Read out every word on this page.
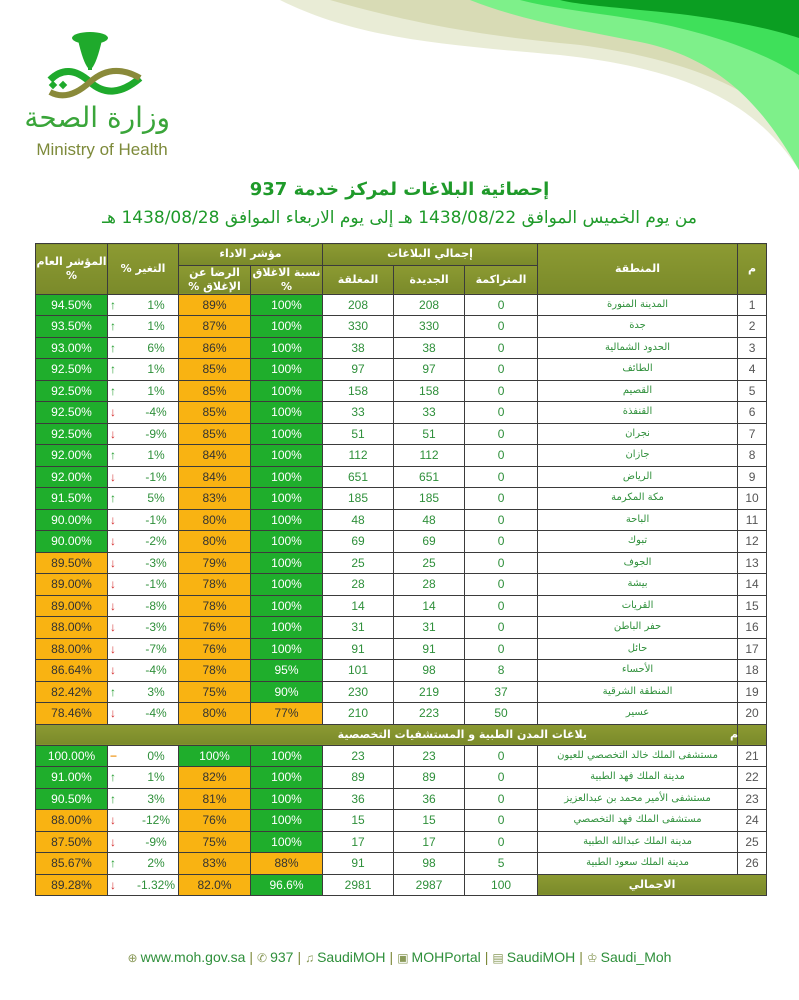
وزارة الصحة
Ministry of Health
إحصائية البلاغات لمركز خدمة 937
من يوم الخميس الموافق 1438/08/22 هـ إلى يوم الاربعاء الموافق 1438/08/28 هـ
م	المنطقة	إجمالي البلاغات			مؤشر الاداء		التغير %	المؤشر العام %
		المتراكمة	الجديدة	المغلقة	نسبة الاغلاق %	الرضا عن الإغلاق %		
1	المدينة المنورة	0	208	208	100%	89%	↑ 1%	94.50%
2	جدة	0	330	330	100%	87%	↑ 1%	93.50%
3	الحدود الشمالية	0	38	38	100%	86%	↑ 6%	93.00%
4	الطائف	0	97	97	100%	85%	↑ 1%	92.50%
5	القصيم	0	158	158	100%	85%	↑ 1%	92.50%
6	القنفذة	0	33	33	100%	85%	↓ -4%	92.50%
7	نجران	0	51	51	100%	85%	↓ -9%	92.50%
8	جازان	0	112	112	100%	84%	↑ 1%	92.00%
9	الرياض	0	651	651	100%	84%	↓ -1%	92.00%
10	مكة المكرمة	0	185	185	100%	83%	↑ 5%	91.50%
11	الباحة	0	48	48	100%	80%	↓ -1%	90.00%
12	تبوك	0	69	69	100%	80%	↓ -2%	90.00%
13	الجوف	0	25	25	100%	79%	↓ -3%	89.50%
14	بيشة	0	28	28	100%	78%	↓ -1%	89.00%
15	القريات	0	14	14	100%	78%	↓ -8%	89.00%
16	حفر الباطن	0	31	31	100%	76%	↓ -3%	88.00%
17	حائل	0	91	91	100%	76%	↓ -7%	88.00%
18	الأحساء	8	98	101	95%	78%	↓ -4%	86.64%
19	المنطقة الشرقية	37	219	230	90%	75%	↑ 3%	82.42%
20	عسير	50	223	210	77%	80%	↓ -4%	78.46%
م	بلاغات المدن الطبية و المستشفيات التخصصية							
21	مستشفى الملك خالد التخصصي للعيون	0	23	23	100%	100%	− 0%	100.00%
22	مدينة الملك فهد الطبية	0	89	89	100%	82%	↑ 1%	91.00%
23	مستشفى الأمير محمد بن عبدالعزيز	0	36	36	100%	81%	↑ 3%	90.50%
24	مستشفى الملك فهد التخصصي	0	15	15	100%	76%	↓ -12%	88.00%
25	مدينة الملك عبدالله الطبية	0	17	17	100%	75%	↓ -9%	87.50%
26	مدينة الملك سعود الطبية	5	98	91	88%	83%	↑ 2%	85.67%
الاجمالي		100	2987	2981	96.6%	82.0%	↓ -1.32%	89.28%
⊕ www.moh.gov.sa | ✆ 937 | ♫ SaudiMOH | ▣ MOHPortal | ▤ SaudiMOH | ♔ Saudi_Moh
